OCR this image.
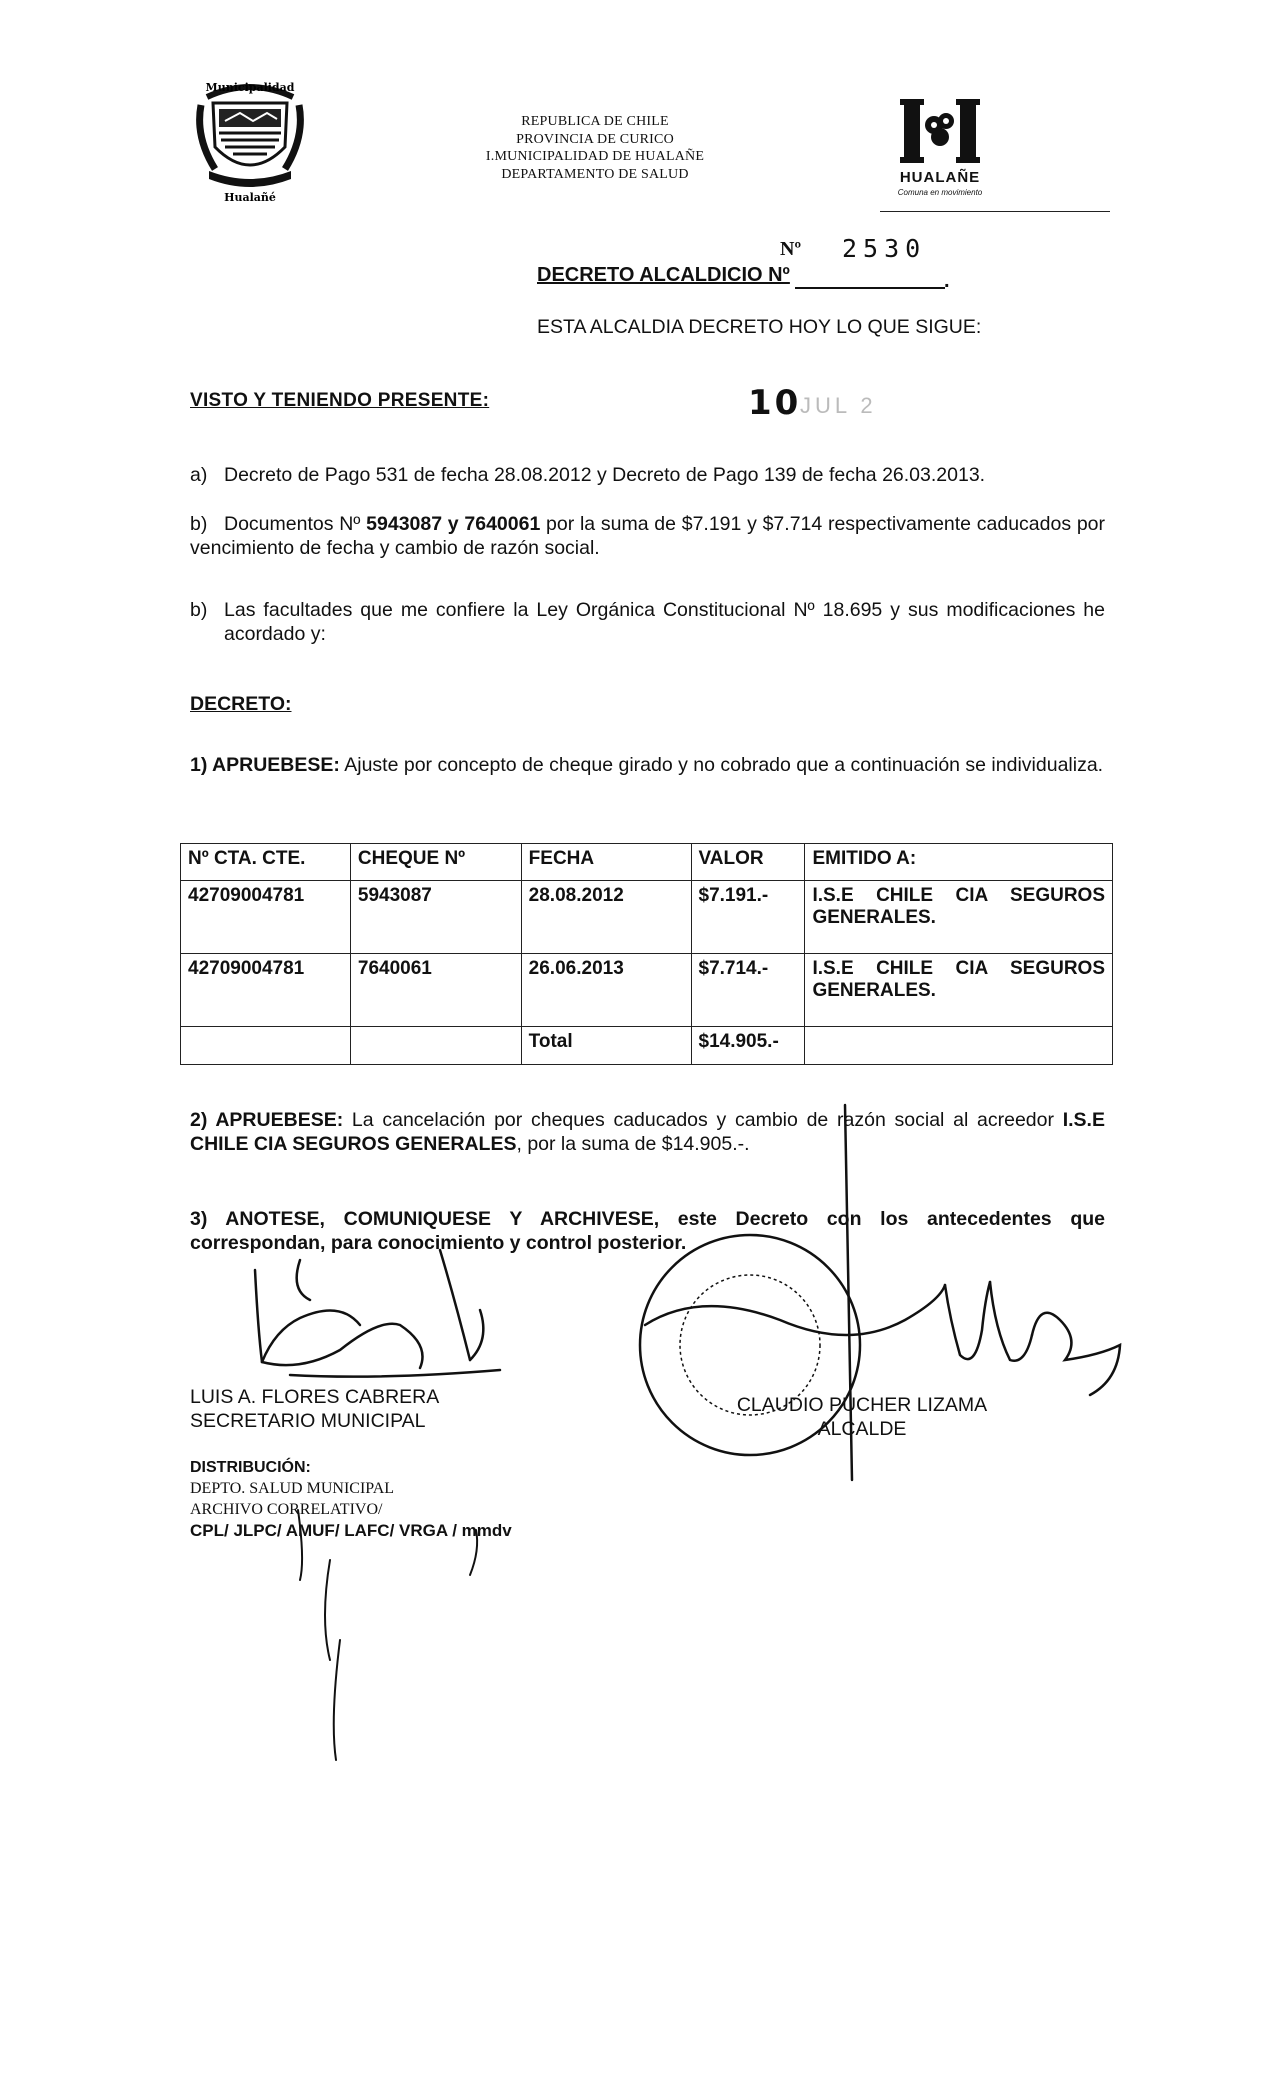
Municipalidad
Hualañé
REPUBLICA DE CHILE
PROVINCIA DE CURICO
I.MUNICIPALIDAD DE HUALAÑE
DEPARTAMENTO DE SALUD	HUALAÑE
Comuna en movimiento
DECRETO ALCALDICIO Nº
Nº 2530
.
ESTA ALCALDIA DECRETO HOY LO QUE SIGUE:
VISTO Y TENIENDO PRESENTE:	10
JUL 2
a) Decreto de Pago 531 de fecha 28.08.2012 y Decreto de Pago 139 de fecha 26.03.2013.
b) Documentos Nº 5943087 y 7640061 por la suma de $7.191 y $7.714 respectivamente caducados por vencimiento de fecha y cambio de razón social.
b) Las facultades que me confiere la Ley Orgánica Constitucional Nº 18.695 y sus modificaciones he acordado y:
DECRETO:
1) APRUEBESE: Ajuste por concepto de cheque girado y no cobrado que a continuación se individualiza.
Nº CTA. CTE.	CHEQUE Nº	FECHA	VALOR	EMITIDO A:
42709004781	5943087	28.08.2012	$7.191.-	I.S.E CHILE CIA SEGUROS GENERALES.
42709004781	7640061	26.06.2013	$7.714.-	I.S.E CHILE CIA SEGUROS GENERALES.
		Total	$14.905.-	
2) APRUEBESE: La cancelación por cheques caducados y cambio de razón social al acreedor I.S.E CHILE CIA SEGUROS GENERALES, por la suma de $14.905.-.
3) ANOTESE, COMUNIQUESE Y ARCHIVESE, este Decreto con los antecedentes que correspondan, para conocimiento y control posterior.
LUIS A. FLORES CABRERA
SECRETARIO MUNICIPAL
CLAUDIO PUCHER LIZAMA
ALCALDE
DISTRIBUCIÓN:
DEPTO. SALUD MUNICIPAL
ARCHIVO CORRELATIVO/
CPL/ JLPC/ AMUF/ LAFC/ VRGA / mmdv
